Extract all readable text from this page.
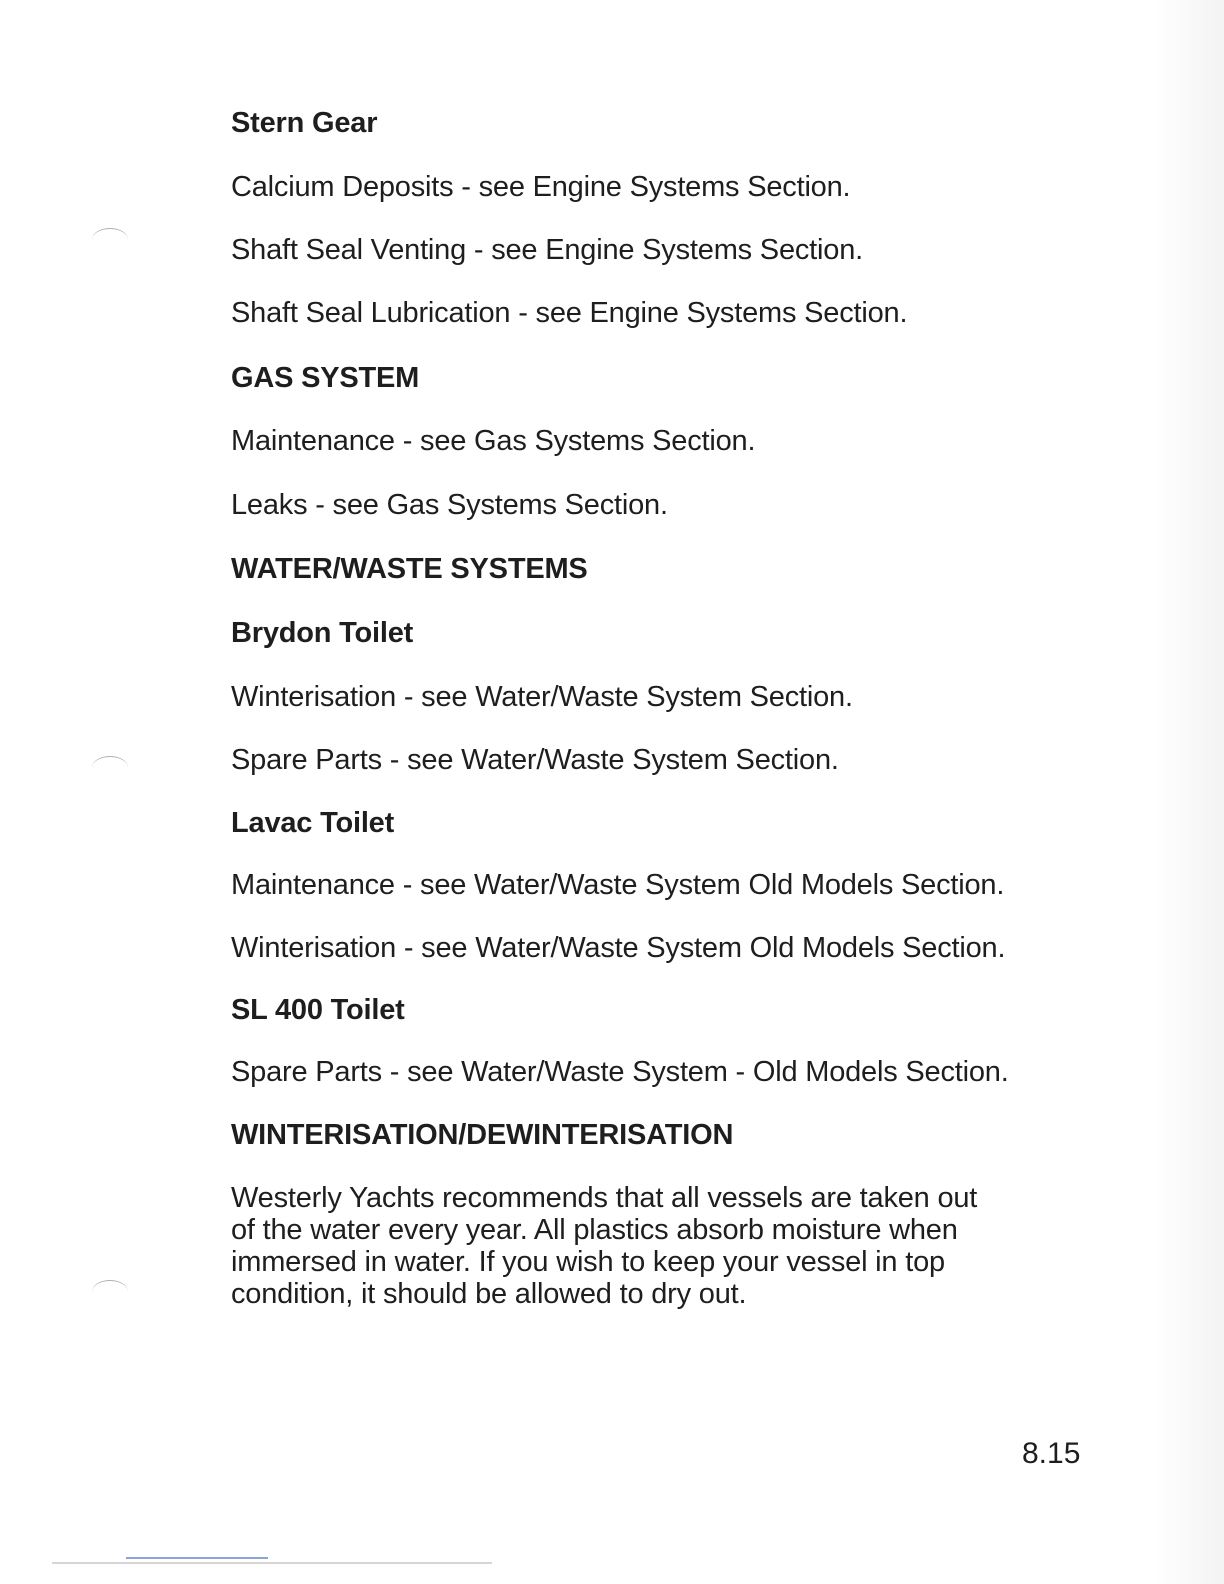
Stern Gear
Calcium Deposits - see Engine Systems Section.
Shaft Seal Venting - see Engine Systems Section.
Shaft Seal Lubrication - see Engine Systems Section.
GAS SYSTEM
Maintenance - see Gas Systems Section.
Leaks - see Gas Systems Section.
WATER/WASTE SYSTEMS
Brydon Toilet
Winterisation - see Water/Waste System Section.
Spare Parts - see Water/Waste System Section.
Lavac Toilet
Maintenance - see Water/Waste System Old Models Section.
Winterisation - see Water/Waste System Old Models Section.
SL 400 Toilet
Spare Parts - see Water/Waste System - Old Models Section.
WINTERISATION/DEWINTERISATION
Westerly Yachts recommends that all vessels are taken out
of the water every year. All plastics absorb moisture when
immersed in water. If you wish to keep your vessel in top
condition, it should be allowed to dry out.
8.15
